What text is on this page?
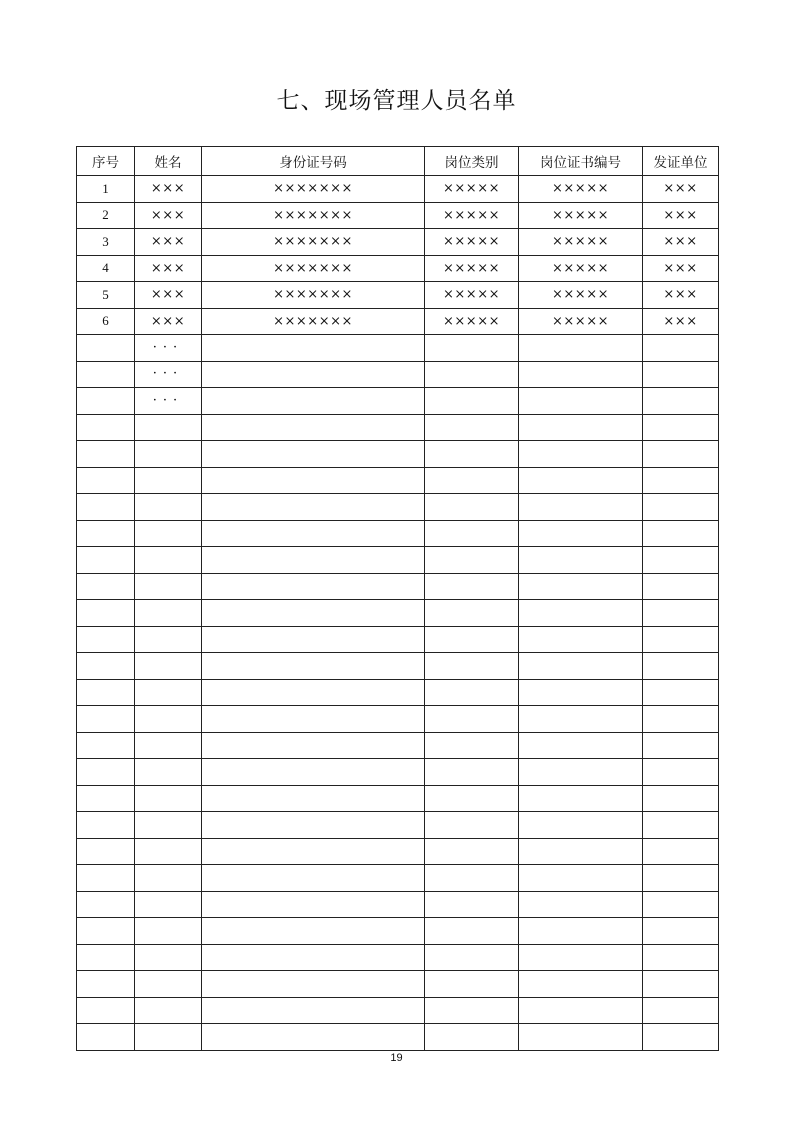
七、现场管理人员名单
序号	姓名	身份证号码	岗位类别	岗位证书编号	发证单位
1	×××	×××××××	×××××	×××××	×××
2	×××	×××××××	×××××	×××××	×××
3	×××	×××××××	×××××	×××××	×××
4	×××	×××××××	×××××	×××××	×××
5	×××	×××××××	×××××	×××××	×××
6	×××	×××××××	×××××	×××××	×××
	···				
	···				
	···				

19
